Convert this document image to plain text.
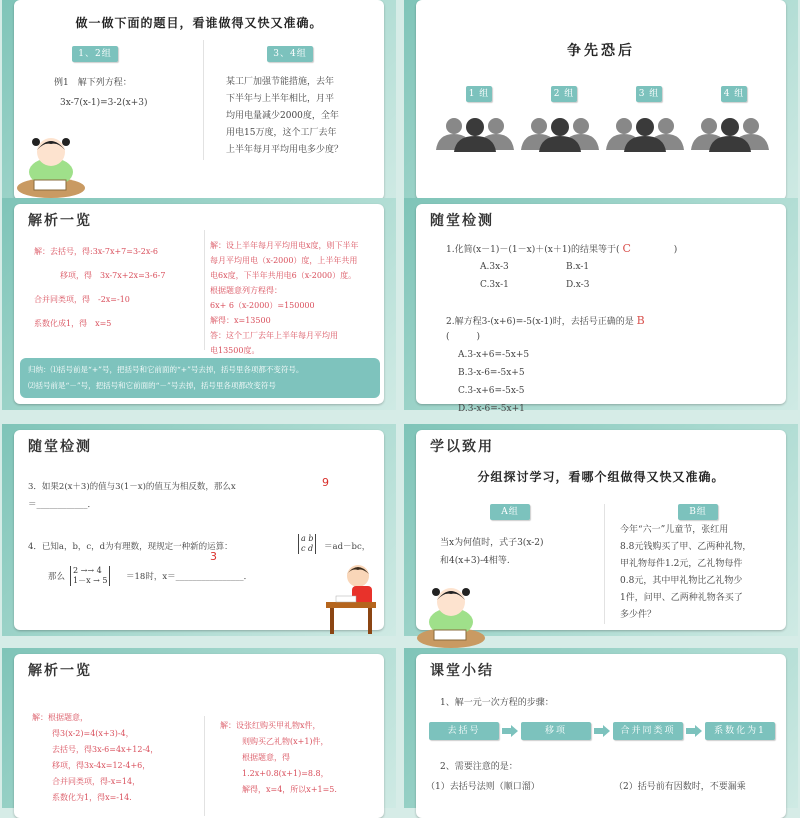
做一做下面的题目，看谁做得又快又准确。
1、2组	3、4组
例1　解下列方程：
3x-7(x-1)=3-2(x+3)
某工厂加强节能措施，去年
下半年与上半年相比，月平
均用电量减少2000度，全年
用电15万度，这个工厂去年
上半年每月平均用电多少度？
争先恐后
1 组	2 组	3 组	4 组
解析一览
解：去括号，得:3x-7x+7=3-2x-6
移项，得　3x-7x+2x=3-6-7
合并同类项，得　-2x=-10
系数化成1，得　x=5
解：设上半年每月平均用电x度，则下半年
每月平均用电（x-2000）度，上半年共用
电6x度，下半年共用电6（x-2000）度。
根据题意列方程得：
6x+ 6（x-2000）=150000
解得：x=13500
答：这个工厂去年上半年每月平均用
电13500度。
归纳：⑴括号前是“+”号，把括号和它前面的“+”号去掉，括号里各项都不变符号。
⑵括号前是“－”号，把括号和它前面的“－”号去掉，括号里各项都改变符号
随堂检测
1.化简(x－1)－(1－x)＋(x＋1)的结果等于( C	)
A.3x-3	B.x-1
C.3x-1	D.x-3
2.解方程3-(x+6)=-5(x-1)时，去括号正确的是 B
(　　　)
A.3-x+6=-5x+5
B.3-x-6=-5x+5
C.3-x+6=-5x-5
D.3-x-6=-5x+1
随堂检测
3．如果2(x＋3)的值与3(1－x)的值互为相反数，那么x	9
＝____________．
4．已知a，b，c，d为有理数，现规定一种新的运算：
a b
c d ＝ad－bc，
3
那么
2 →→ 4
1－x → 5 ＝18时，x＝________________．
学以致用
分组探讨学习，看哪个组做得又快又准确。
A组	B组
当x为何值时，式子3(x-2)
和4(x+3)-4相等.
今年“六一”儿童节，张红用
8.8元钱购买了甲、乙两种礼物，
甲礼物每件1.2元，乙礼物每件
0.8元，其中甲礼物比乙礼物少
1件，问甲、乙两种礼物各买了
多少件？
解析一览
解：根据题意，
得3(x-2)=4(x+3)-4，
去括号，得3x-6=4x+12-4，
移项，得3x-4x=12-4+6，
合并同类项，得-x=14，
系数化为1，得x=-14.
解：设张红购买甲礼物x件，
则购买乙礼物(x+1)件，
根据题意，得
1.2x+0.8(x+1)=8.8，
解得，x=4，所以x+1=5.
课堂小结
1、解一元一次方程的步骤：
去括号	移项	合并同类项	系数化为1
2、需要注意的是：
（1）去括号法则（顺口溜）	（2）括号前有因数时，不要漏乘
